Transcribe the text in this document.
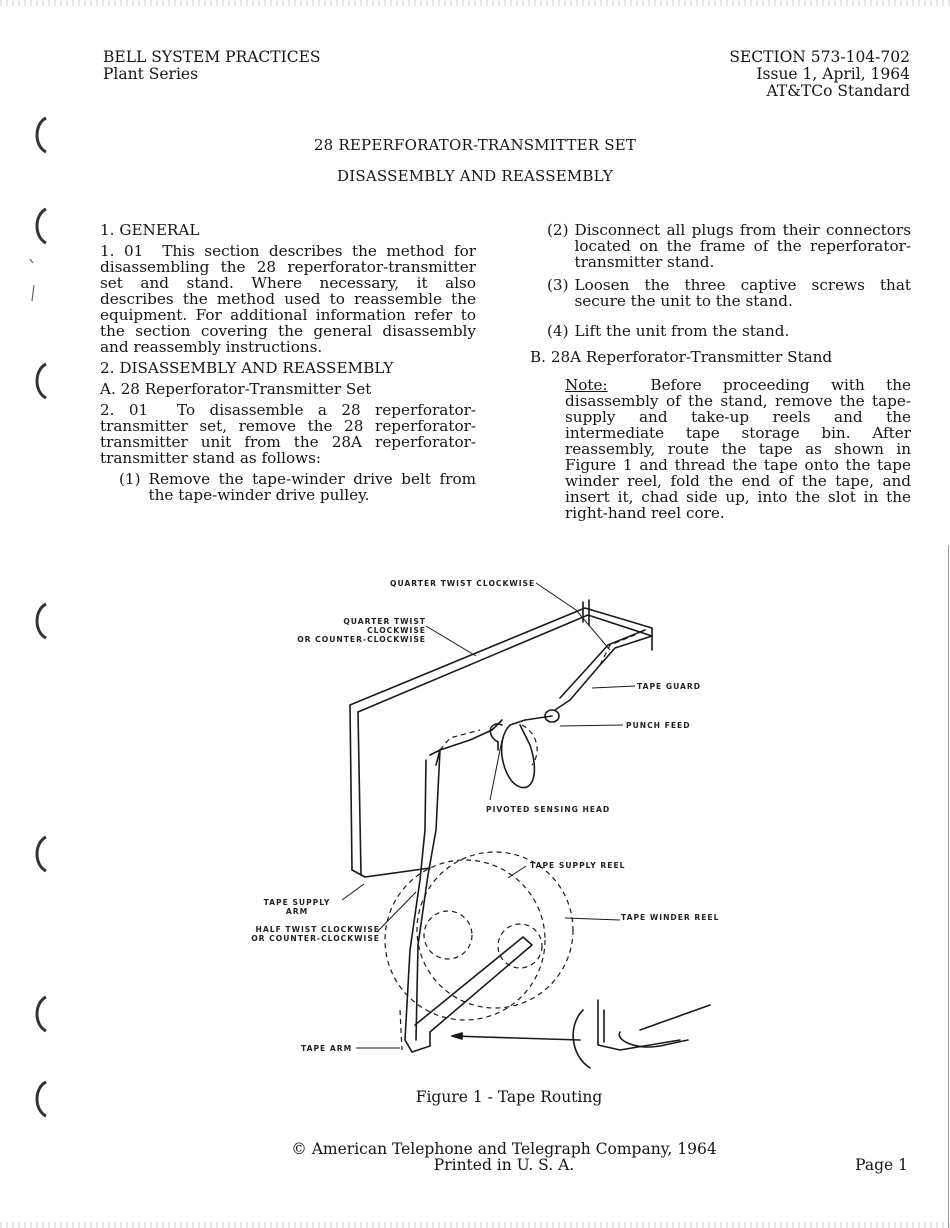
BELL SYSTEM PRACTICES
Plant Series
SECTION 573-104-702
Issue 1, April, 1964
AT&TCo Standard
28 REPERFORATOR-TRANSMITTER SET
DISASSEMBLY AND REASSEMBLY

1. GENERAL

1. 01 This section describes the method for disassembling the 28 reperforator-transmitter set and stand. Where necessary, it also describes the method used to reassemble the equipment. For additional information refer to the section covering the general disassembly and reassembly instructions.

2. DISASSEMBLY AND REASSEMBLY

A. 28 Reperforator-Transmitter Set

2. 01 To disassemble a 28 reperforator-transmitter set, remove the 28 reperforator-transmitter unit from the 28A reperforator-transmitter stand as follows:

(1) Remove the tape-winder drive belt from the tape-winder drive pulley.
(2) Disconnect all plugs from their connectors located on the frame of the reperforator-transmitter stand.
(3) Loosen the three captive screws that secure the unit to the stand.
(4) Lift the unit from the stand.

B. 28A Reperforator-Transmitter Stand

Note:	Before proceeding with the disassembly of the stand, remove the tape-supply and take-up reels and the intermediate tape storage bin. After reassembly, route the tape as shown in Figure 1 and thread the tape onto the tape winder reel, fold the end of the tape, and insert it, chad side up, into the slot in the right-hand reel core.

QUARTER TWIST CLOCKWISE
QUARTER TWIST CLOCKWISE
OR COUNTER-CLOCKWISE
TAPE GUARD
PUNCH FEED
PIVOTED SENSING HEAD
TAPE SUPPLY REEL
TAPE WINDER REEL
TAPE SUPPLY
ARM
HALF TWIST CLOCKWISE
OR COUNTER-CLOCKWISE
TAPE ARM
Figure 1 - Tape Routing
© American Telephone and Telegraph Company, 1964
Printed in U. S. A.	Page 1
